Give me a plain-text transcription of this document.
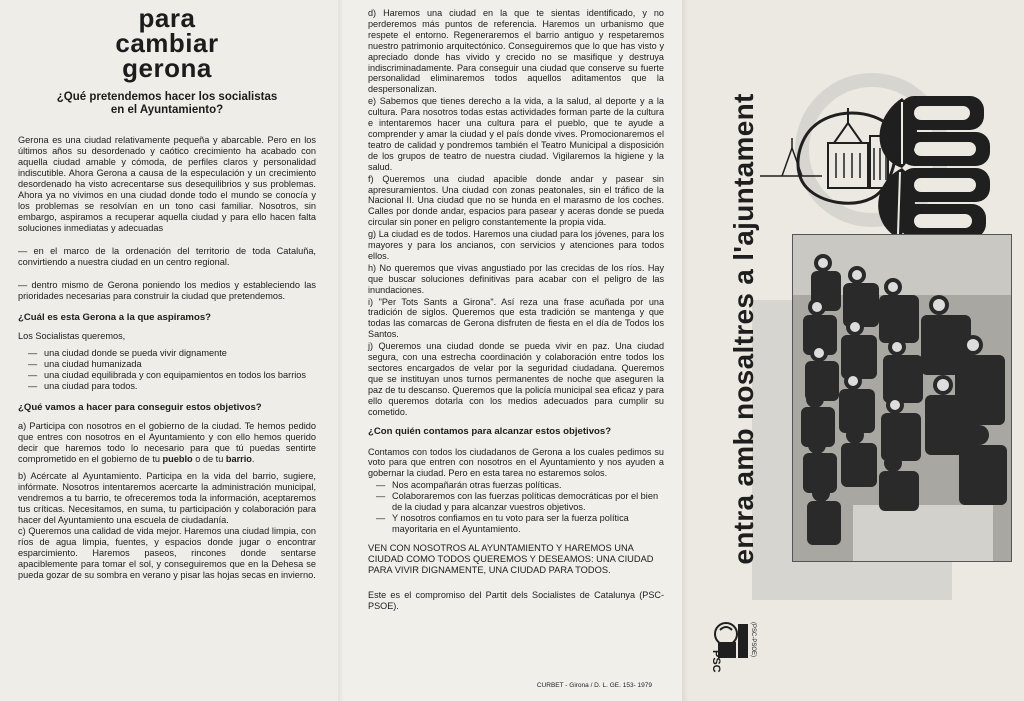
para
cambiar
gerona
¿Qué pretendemos hacer los socialistas
en el Ayuntamiento?

Gerona es una ciudad relativamente pequeña y abarcable. Pero en los últimos años su desordenado y caótico crecimiento ha acabado con aquella ciudad amable y cómoda, de perfiles claros y personalidad indiscutible. Ahora Gerona a causa de la especulación y un crecimiento desordenado ha visto acrecentarse sus desequilibrios y sus problemas. Ahora ya no vivimos en una ciudad donde todo el mundo se conocía y los problemas se resolvían en un tono casi familiar. Nosotros, sin embargo, aspiramos a recuperar aquella ciudad y para ello hacen falta soluciones inmediatas y adecuadas

— en el marco de la ordenación del territorio de toda Cataluña, convirtiendo a nuestra ciudad en un centro regional.

— dentro mismo de Gerona poniendo los medios y estableciendo las prioridades necesarias para construir la ciudad que pretendemos.

¿Cuál es esta Gerona a la que aspiramos?

Los Socialistas queremos,

— una ciudad donde se pueda vivir dignamente
— una ciudad humanizada
— una ciudad equilibrada y con equipamientos en todos los barrios
— una ciudad para todos.
¿Qué vamos a hacer para conseguir estos objetivos?

a) Participa con nosotros en el gobierno de la ciudad. Te hemos pedido que entres con nosotros en el Ayuntamiento y con ello hemos querido decir que haremos todo lo necesario para que tú puedas sentirte comprometido en el gobierno de tu pueblo o de tu barrio.

b) Acércate al Ayuntamiento. Participa en la vida del barrio, sugiere, infórmate. Nosotros intentaremos acercarte la administración municipal, vendremos a tu barrio, te ofreceremos toda la información, aceptaremos tus críticas. Necesitamos, en suma, tu participación y colaboración para hacer del Ayuntamiento una escuela de ciudadanía.

c) Queremos una calidad de vida mejor. Haremos una ciudad limpia, con ríos de agua limpia, fuentes, y espacios donde jugar o encontrar esparcimiento. Haremos paseos, rincones donde sentarse apaciblemente para tomar el sol, y conseguiremos que en la Dehesa se pueda gozar de su sombra en verano y pisar las hojas secas en invierno.

d) Haremos una ciudad en la que te sientas identificado, y no perderemos más puntos de referencia. Haremos un urbanismo que respete el entorno. Regeneraremos el barrio antiguo y respetaremos nuestro patrimonio arquitectónico. Conseguiremos que lo que has visto y apreciado donde has vivido y crecido no se masifique y destruya indiscriminadamente. Para conseguir una ciudad que conserve su fuerte personalidad eliminaremos todos aquellos aditamentos que la despersonalizan.

e) Sabemos que tienes derecho a la vida, a la salud, al deporte y a la cultura. Para nosotros todas estas actividades forman parte de la cultura e intentaremos hacer una cultura para el pueblo, que te ayude a comprender y amar la ciudad y el país donde vives. Promocionaremos el teatro de calidad y pondremos también el Teatro Municipal a disposición de los grupos de teatro de nuestra ciudad. Vigilaremos la higiene y la salud.

f) Queremos una ciudad apacible donde andar y pasear sin apresuramientos. Una ciudad con zonas peatonales, sin el tráfico de la Nacional II. Una ciudad que no se hunda en el marasmo de los coches. Calles por donde andar, espacios para pasear y aceras donde se pueda circular sin poner en peligro constantemente la propia vida.

g) La ciudad es de todos. Haremos una ciudad para los jóvenes, para los mayores y para los ancianos, con servicios y atenciones para todos ellos.

h) No queremos que vivas angustiado por las crecidas de los ríos. Hay que buscar soluciones definitivas para acabar con el peligro de las inundaciones.

i) "Per Tots Sants a Girona". Así reza una frase acuñada por una tradición de siglos. Queremos que esta tradición se mantenga y que todas las comarcas de Gerona disfruten de fiesta en el día de Todos los Santos.

j) Queremos una ciudad donde se pueda vivir en paz. Una ciudad segura, con una estrecha coordinación y colaboración entre todos los sectores encargados de velar por la seguridad ciudadana. Queremos que se instituyan unos turnos permanentes de noche que aseguren la paz de tu descanso. Queremos que la policía municipal sea eficaz y para ello queremos dotarla con los medios adecuados para cumplir su cometido.

¿Con quién contamos para alcanzar estos objetivos?

Contamos con todos los ciudadanos de Gerona a los cuales pedimos su voto para que entren con nosotros en el Ayuntamiento y nos ayuden a gobernar la ciudad. Pero en esta tarea no estaremos solos.

— Nos acompañarán otras fuerzas políticas.
— Colaboraremos con las fuerzas políticas democráticas por el bien de la ciudad y para alcanzar vuestros objetivos.
— Y nosotros confiamos en tu voto para ser la fuerza política mayoritaria en el Ayuntamiento.

VEN CON NOSOTROS AL AYUNTAMIENTO Y HAREMOS UNA CIUDAD COMO TODOS QUEREMOS Y DESEAMOS: UNA CIUDAD PARA VIVIR DIGNAMENTE, UNA CIUDAD PARA TODOS.

Este es el compromiso del Partit dels Socialistes de Catalunya (PSC-PSOE).

CURBET - Girona / D. L. GE. 153- 1979
entra amb nosaltres a l'ajuntament
PSC
(PSC-PSOE)
